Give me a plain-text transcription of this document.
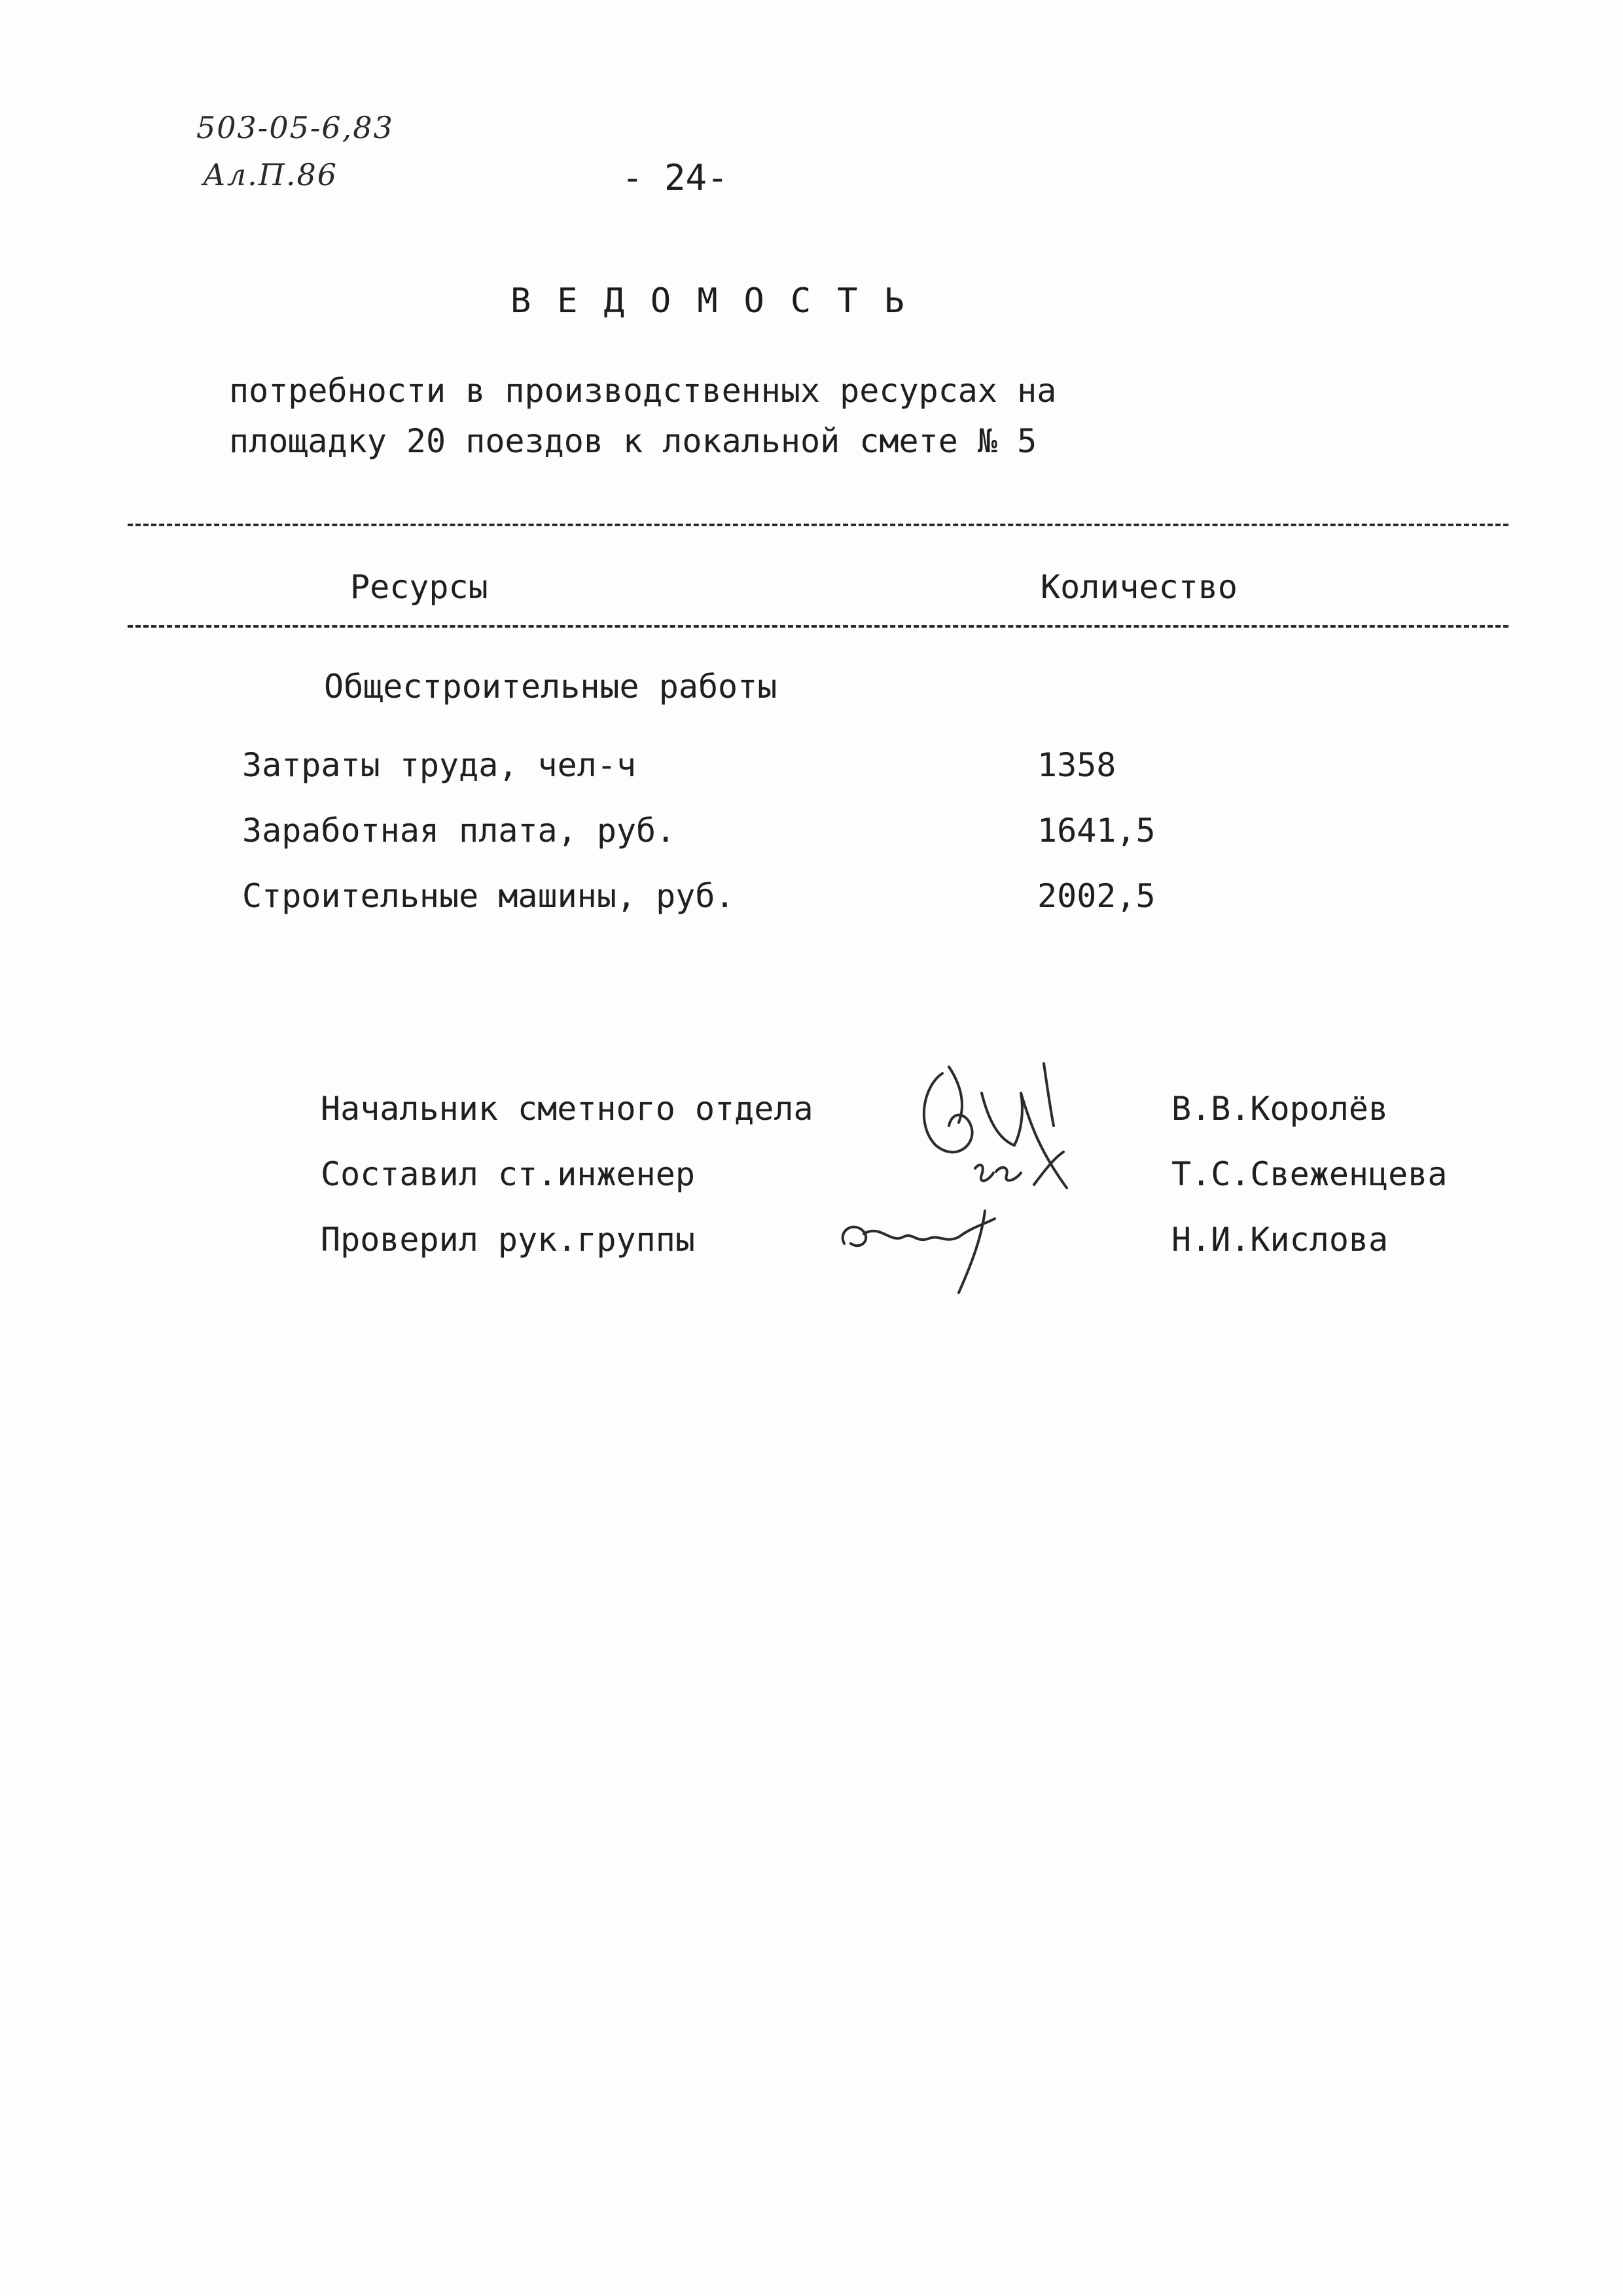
503-05-6,83
Ал.П.86	- 24-
ВЕДОМОСТЬ
потребности в производственных ресурсах на
площадку 20 поездов к локальной смете № 5
Ресурсы	Количество
Общестроительные работы
Затраты труда, чел-ч	1358
Заработная плата, руб.	1641,5
Строительные машины, руб.	2002,5
Начальник сметного отдела	В.В.Королёв
Составил ст.инженер	Т.С.Свеженцева
Проверил рук.группы	Н.И.Кислова
